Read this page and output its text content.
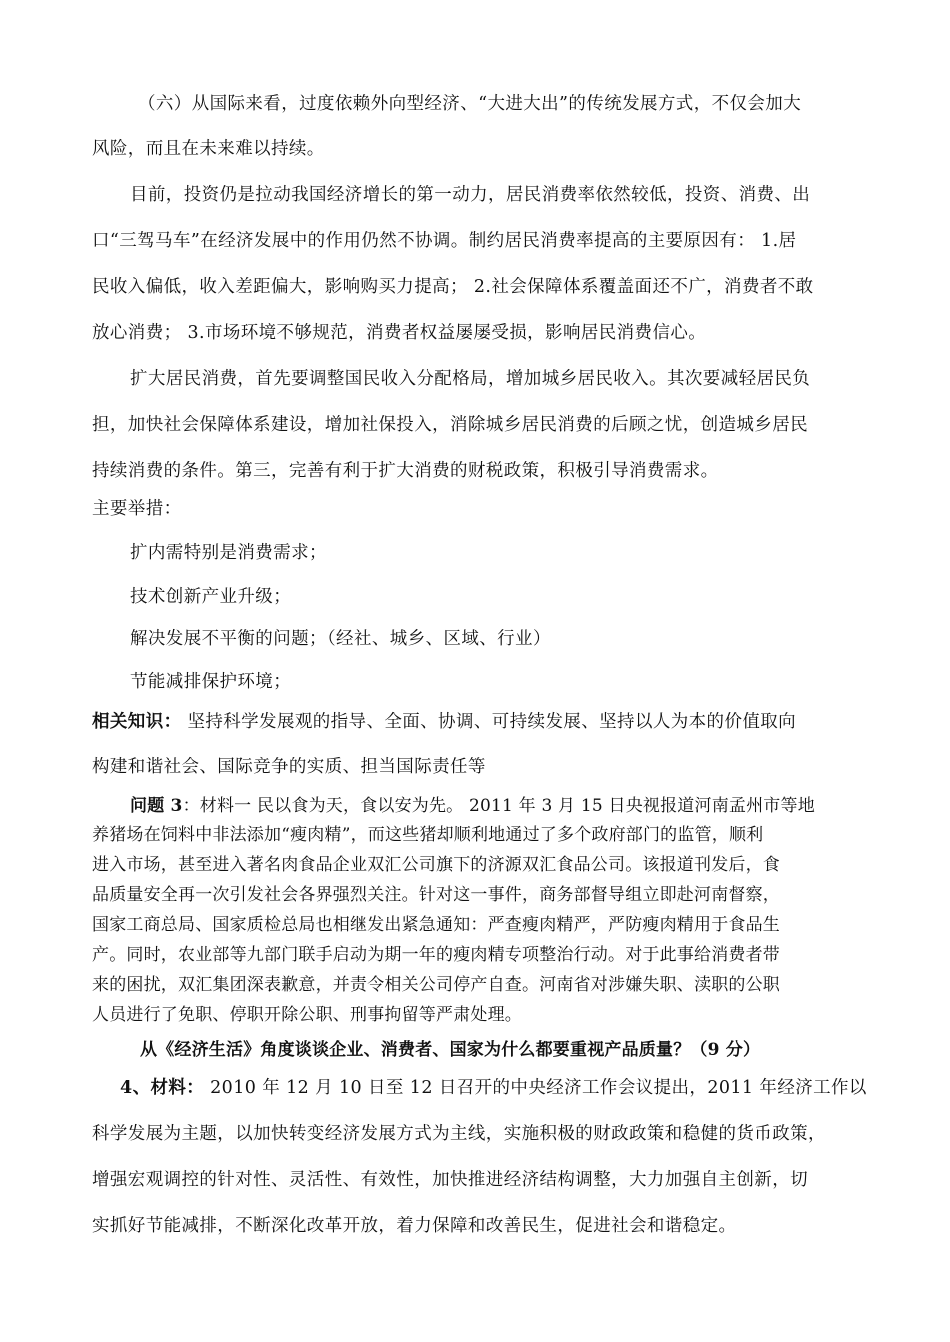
（六）从国际来看，过度依赖外向型经济、“大进大出”的传统发展方式，不仅会加大
风险，而且在未来难以持续。
目前，投资仍是拉动我国经济增长的第一动力，居民消费率依然较低，投资、消费、出
口“三驾马车”在经济发展中的作用仍然不协调。制约居民消费率提高的主要原因有： 1.居
民收入偏低，收入差距偏大，影响购买力提高； 2.社会保障体系覆盖面还不广，消费者不敢
放心消费； 3.市场环境不够规范，消费者权益屡屡受损，影响居民消费信心。
扩大居民消费，首先要调整国民收入分配格局，增加城乡居民收入。其次要减轻居民负
担，加快社会保障体系建设，增加社保投入，消除城乡居民消费的后顾之忧，创造城乡居民
持续消费的条件。第三，完善有利于扩大消费的财税政策，积极引导消费需求。
主要举措：
扩内需特别是消费需求；
技术创新产业升级；
解决发展不平衡的问题；（经社、城乡、区域、行业）
节能减排保护环境；
相关知识： 坚持科学发展观的指导、全面、协调、可持续发展、坚持以人为本的价值取向
构建和谐社会、国际竞争的实质、担当国际责任等
问题 3：材料一 民以食为天，食以安为先。 2011 年 3 月 15 日央视报道河南孟州市等地
养猪场在饲料中非法添加“瘦肉精”，而这些猪却顺利地通过了多个政府部门的监管，顺利
进入市场，甚至进入著名肉食品企业双汇公司旗下的济源双汇食品公司。该报道刊发后，食
品质量安全再一次引发社会各界强烈关注。针对这一事件，商务部督导组立即赴河南督察，
国家工商总局、国家质检总局也相继发出紧急通知：严查瘦肉精严，严防瘦肉精用于食品生
产。同时，农业部等九部门联手启动为期一年的瘦肉精专项整治行动。对于此事给消费者带
来的困扰，双汇集团深表歉意，并责令相关公司停产自查。河南省对涉嫌失职、渎职的公职
人员进行了免职、停职开除公职、刑事拘留等严肃处理。
从《经济生活》角度谈谈企业、消费者、国家为什么都要重视产品质量？（9 分）
4、材料： 2010 年 12 月 10 日至 12 日召开的中央经济工作会议提出，2011 年经济工作以
科学发展为主题，以加快转变经济发展方式为主线，实施积极的财政政策和稳健的货币政策，
增强宏观调控的针对性、灵活性、有效性，加快推进经济结构调整，大力加强自主创新，切
实抓好节能减排，不断深化改革开放，着力保障和改善民生，促进社会和谐稳定。
